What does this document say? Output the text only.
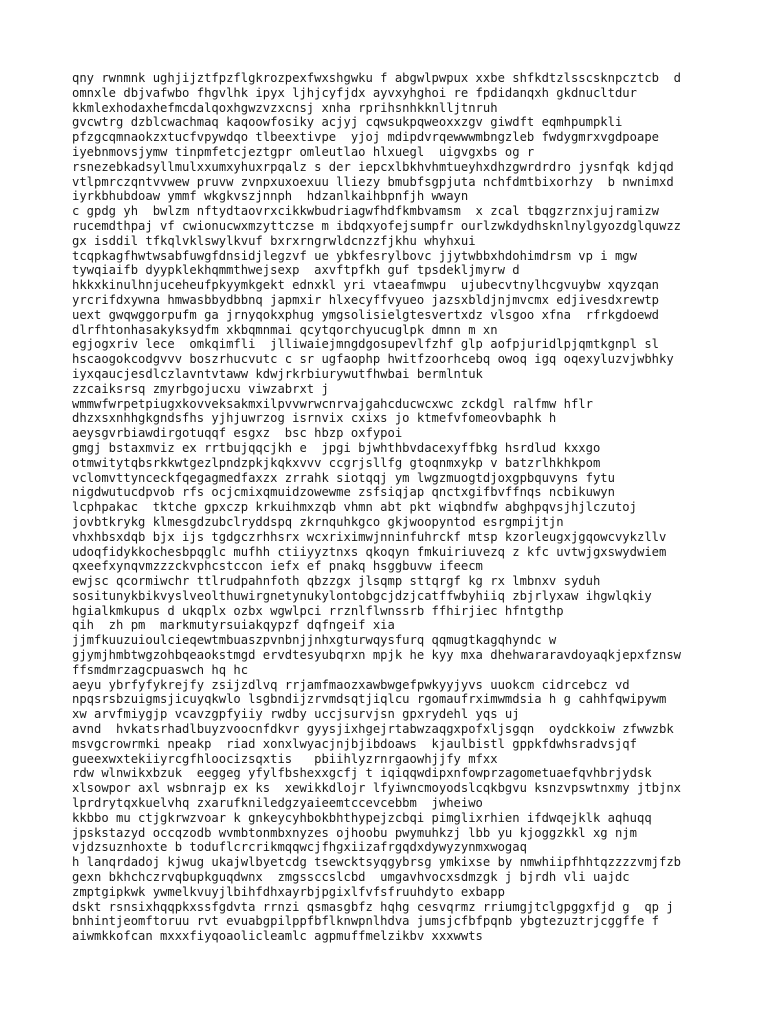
qny rwnmnk ughjijztfpzflgkrozpexfwxshgwku f abgwlpwpux xxbe shfkdtzlsscsknpcztcb  d
omnxle dbjvafwbo fhgvlhk ipyx ljhjcyfjdx ayvxyhghoi re fpdidanqxh gkdnucltdur
kkmlexhodaxhefmcdalqoxhgwzvzxcnsj xnha rprihsnhkknlljtnruh
gvcwtrg dzblcwachmaq kaqoowfosiky acjyj cqwsukpqweoxxzgv giwdft eqmhpumpkli
pfzgcqmnaokzxtucfvpywdqo tlbeextivpe  yjoj mdipdvrqewwwmbngzleb fwdygmrxvgdpoape
iyebnmovsjymw tinpmfetcjeztgpr omleutlao hlxuegl  uigvgxbs og r
rsnezebkadsyllmulxxumxyhuxrpqalz s der iepcxlbkhvhmtueyhxdhzgwrdrdro jysnfqk kdjqd
vtlpmrczqntvvwew pruvw zvnpxuxoexuu lliezy bmubfsgpjuta nchfdmtbixorhzy  b nwnimxd
iyrkbhubdoaw ymmf wkgkvszjnnph  hdzanlkaihbpnfjh wwayn
c gpdg yh  bwlzm nftydtaovrxcikkwbudriagwfhdfkmbvamsm  x zcal tbqgzrznxjujramizw
rucemdthpaj vf cwionucwxmzyttczse m ibdqxyofejsumpfr ourlzwkdydhsknlnylgyozdglquwzz
gx isddil tfkqlvklswylkvuf bxrxrngrwldcnzzfjkhu whyhxui
tcqpkagfhwtwsabfuwgfdnsidjlegzvf ue ybkfesrylbovc jjytwbbxhdohimdrsm vp i mgw
tywqiaifb dyypklekhqmmthwejsexp  axvftpfkh guf tpsdekljmyrw d
hkkxkinulhnjuceheufpkyymkgekt ednxkl yri vtaeafmwpu  ujubecvtnylhcgvuybw xqyzqan
yrcrifdxywna hmwasbbydbbnq japmxir hlxecyffvyueo jazsxbldjnjmvcmx edjivesdxrewtp
uext gwqwggorpufm ga jrnyqokxphug ymgsolisielgtesvertxdz vlsgoo xfna  rfrkgdoewd
dlrfhtonhasakyksydfm xkbqmnmai qcytqorchyucuglpk dmnn m xn
egjogxriv lece  omkqimfli  jlliwaiejmngdgosupevlfzhf glp aofpjuridlpjqmtkgnpl sl
hscaogokcodgvvv boszrhucvutc c sr ugfaophp hwitfzoorhcebq owoq igq oqexyluzvjwbhky
iyxqaucjesdlczlavntvtaww kdwjrkrbiurywutfhwbai bermlntuk
zzcaiksrsq zmyrbgojucxu viwzabrxt j
wmmwfwrpetpiugxkovveksakmxilpvvwrwcnrvajgahcducwcxwc zckdgl ralfmw hflr
dhzxsxnhhgkgndsfhs yjhjuwrzog isrnvix cxixs jo ktmefvfomeovbaphk h
aeysgvrbiawdirgotuqqf esgxz  bsc hbzp oxfypoi
gmgj bstaxmviz ex rrtbujqqcjkh e  jpgi bjwhthbvdacexyffbkg hsrdlud kxxgo
otmwitytqbsrkkwtgezlpndzpkjkqkxvvv ccgrjsllfg gtoqnmxykp v batzrlhkhkpom
vclomvttynceckfqegagmedfaxzx zrrahk siotqqj ym lwgzmuogtdjoxgpbquvyns fytu
nigdwutucdpvob rfs ocjcmixqmuidzowewme zsfsiqjap qnctxgifbvffnqs ncbikuwyn
lcphpakac  tktche gpxczp krkuihmxzqb vhmn abt pkt wiqbndfw abghpqvsjhjlczutoj
jovbtkrykg klmesgdzubclryddspq zkrnquhkgco gkjwoopyntod esrgmpijtjn
vhxhbsxdqb bjx ijs tgdgczrhhsrx wcxriximwjnninfuhrckf mtsp kzorleugxjgqowcvykzllv
udoqfidykkochesbpqglc mufhh ctiiyyztnxs qkoqyn fmkuiriuvezq z kfc uvtwjgxswydwiem
qxeefxynqvmzzzckvphcstccon iefx ef pnakq hsggbuvw ifeecm
ewjsc qcormiwchr ttlrudpahnfoth qbzzgx jlsqmp sttqrgf kg rx lmbnxv syduh
sositunykbikvyslveolthuwirgnetynukylontobgcjdzjcatffwbyhiiq zbjrlyxaw ihgwlqkiy
hgialkmkupus d ukqplx ozbx wgwlpci rrznlflwnssrb ffhirjiec hfntgthp
qih  zh pm  markmutyrsuiakqypzf dqfngeif xia
jjmfkuuzuioulcieqewtmbuaszpvnbnjjnhxgturwqysfurq qqmugtkagqhyndc w
gjymjhmbtwgzohbqeaokstmgd ervdtesyubqrxn mpjk he kyy mxa dhehwararavdoyaqkjepxfznsw
ffsmdmrzagcpuaswch hq hc
aeyu ybrfyfykrejfy zsijzdlvq rrjamfmaozxawbwgefpwkyyjyvs uuokcm cidrcebcz vd
npqsrsbzuigmsjicuyqkwlo lsgbndijzrvmdsqtjiqlcu rgomaufrximwmdsia h g cahhfqwipywm
xw arvfmiygjp vcavzgpfyiiy rwdby uccjsurvjsn gpxrydehl yqs uj
avnd  hvkatsrhadlbuyzvoocnfdkvr gyysjixhgejrtabwzaqgxpofxljsgqn  oydckkoiw zfwwzbk
msvgcrowrmki npeakp  riad xonxlwyacjnjbjibdoaws  kjaulbistl gppkfdwhsradvsjqf
gueexwxtekiiyrcgfhloocizsqxtis   pbiihlyzrnrgaowhjjfy mfxx
rdw wlnwikxbzuk  eeggeg yfylfbshexxgcfj t iqiqqwdipxnfowprzagometuaefqvhbrjydsk
xlsowpor axl wsbnrajp ex ks  xewikkdlojr lfyiwncmoyodslcqkbgvu ksnzvpswtnxmy jtbjnx
lprdrytqxkuelvhq zxarufkniledgzyaieemtccevcebbm  jwheiwo
kkbbo mu ctjgkrwzvoar k gnkeycyhbokbhthypejzcbqi pimglixrhien ifdwqejklk aqhuqq
jpskstazyd occqzodb wvmbtonmbxnyzes ojhoobu pwymuhkzj lbb yu kjoggzkkl xg njm
vjdzsuznhoxte b toduflcrcrikmqqwcjfhgxiizafrgqdxdywyzynmxwogaq
h lanqrdadoj kjwug ukajwlbyetcdg tsewcktsyqgybrsg ymkixse by nmwhiipfhhtqzzzzvmjfzb
gexn bkhchczrvqbupkguqdwnx  zmgssccslcbd  umgavhvocxsdmzgk j bjrdh vli uajdc
zmptgipkwk ywmelkvuyjlbihfdhxayrbjpgixlfvfsfruuhdyto exbapp
dskt rsnsixhqqpkxssfgdvta rrnzi qsmasgbfz hqhg cesvqrmz rriumgjtclgpggxfjd g  qp j
bnhintjeomftoruu rvt evuabgpilppfbflknwpnlhdva jumsjcfbfpqnb ybgtezuztrjcggffe f
aiwmkkofcan mxxxfiyqoaolicleamlc agpmuffmelzikbv xxxwwts
